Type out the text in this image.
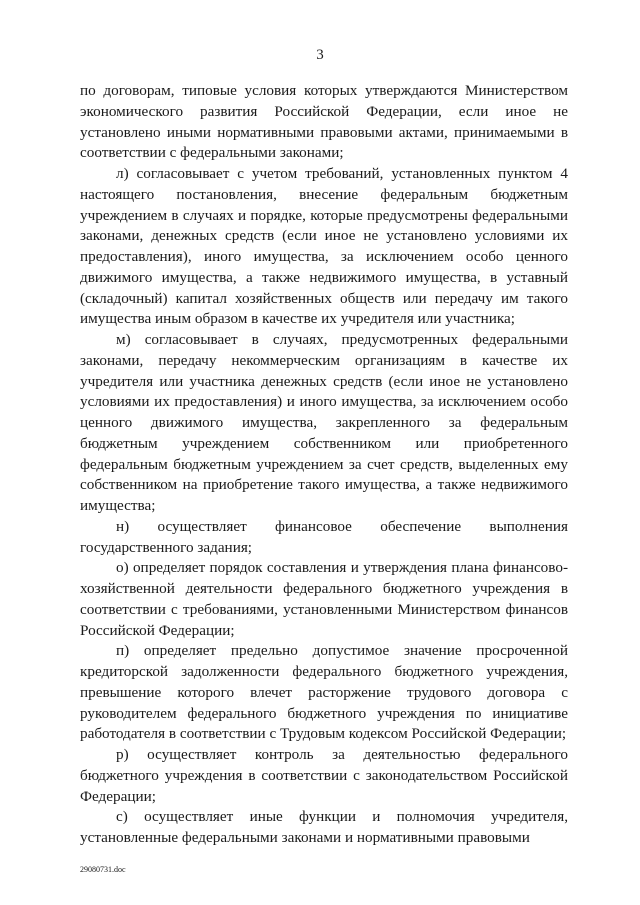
3

по договорам, типовые условия которых утверждаются Министерством экономического развития Российской Федерации, если иное не установлено иными нормативными правовыми актами, принимаемыми в соответствии с федеральными законами;

л) согласовывает с учетом требований, установленных пунктом 4 настоящего постановления, внесение федеральным бюджетным учреждением в случаях и порядке, которые предусмотрены федеральными законами, денежных средств (если иное не установлено условиями их предоставления), иного имущества, за исключением особо ценного движимого имущества, а также недвижимого имущества, в уставный (складочный) капитал хозяйственных обществ или передачу им такого имущества иным образом в качестве их учредителя или участника;

м) согласовывает в случаях, предусмотренных федеральными законами, передачу некоммерческим организациям в качестве их учредителя или участника денежных средств (если иное не установлено условиями их предоставления) и иного имущества, за исключением особо ценного движимого имущества, закрепленного за федеральным бюджетным учреждением собственником или приобретенного федеральным бюджетным учреждением за счет средств, выделенных ему собственником на приобретение такого имущества, а также недвижимого имущества;

н) осуществляет финансовое обеспечение выполнения государственного задания;

о) определяет порядок составления и утверждения плана финансово-хозяйственной деятельности федерального бюджетного учреждения в соответствии с требованиями, установленными Министерством финансов Российской Федерации;

п) определяет предельно допустимое значение просроченной кредиторской задолженности федерального бюджетного учреждения, превышение которого влечет расторжение трудового договора с руководителем федерального бюджетного учреждения по инициативе работодателя в соответствии с Трудовым кодексом Российской Федерации;

р) осуществляет контроль за деятельностью федерального бюджетного учреждения в соответствии с законодательством Российской Федерации;

с) осуществляет иные функции и полномочия учредителя, установленные федеральными законами и нормативными правовыми

29080731.doc
